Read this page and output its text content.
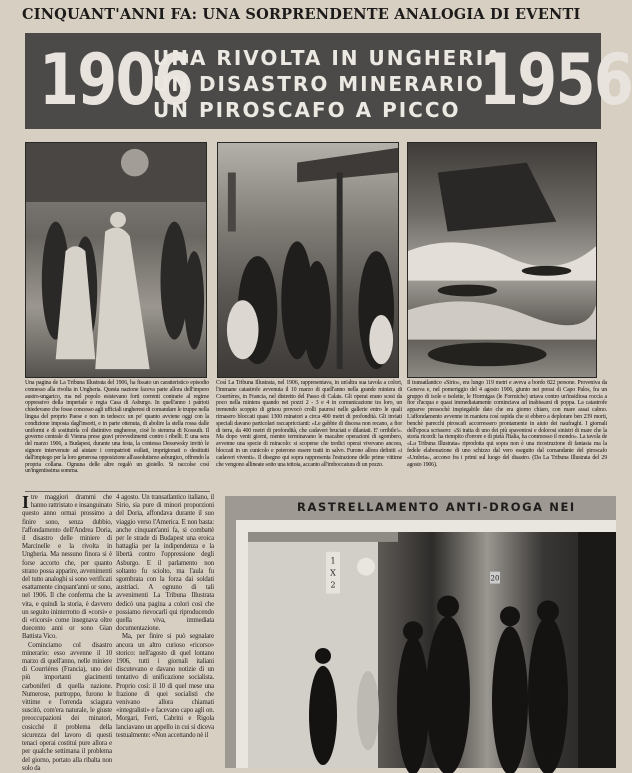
CINQUANT'ANNI FA: UNA SORPRENDENTE ANALOGIA DI EVENTI
1906
UNA RIVOLTA IN UNGHERIA
UN DISASTRO MINERARIO
UN PIROSCAFO A PICCO 1956
Una pagina de La Tribuna Illustrata del 1906, ha fissato un caratteristico episodio connesso alla rivolta in Ungheria. Questa nazione faceva parte allora dell'impero austro-ungarico, ma nel popolo esistevano forti correnti contrarie al regime oppressivo della imperiale e regia Casa di Asburgo. In quell'anno i patrioti chiedevano che fosse concesso agli ufficiali ungheresi di comandare le truppe nella lingua del proprio Paese e non in tedesco: un po' quanto avviene oggi con la condizione imposta dagl'insorti, e in parte ottenuta, di abolire la stella rossa dalle uniformi e di sostituirla col distintivo ungherese, cioè lo stemma di Kossuth. Il governo centrale di Vienna prese gravi provvedimenti contro i ribelli. E una sera del marzo 1906, a Budapest, durante una festa, la contessa Dessewsky invitò le signore intervenute ad aiutare i compatrioti esiliati, imprigionati o destituiti dall'impiego per la loro generosa opposizione all'assolutismo asburgico, offrendo la propria collana. Ognuna delle altre regalò un gioiello. Si raccolse così un'ingentissima somma.
Così La Tribuna Illustrata, nel 1906, rappresentava, in un'altra sua tavola a colori, l'immane catastrofe avvenuta il 10 marzo di quell'anno nella grande miniera di Courrières, in Francia, nel distretto del Passo di Calais. Gli operai erano scesi da poco nella miniera quando nei pozzi 2 - 3 e 4 in comunicazione tra loro, un tremendo scoppio di grisou provocò crolli paurosi nelle gallerie entro le quali rimasero bloccati quasi 1300 minatori a circa 400 metri di profondità. Gli inviati speciali davano particolari raccapriccianti: «Le gabbie di discesa non recano, a fior di terra, da 400 metri di profondità, che cadaveri bruciati e dilaniati. E' orribile!». Ma dopo venti giorni, mentre terminavano le macabre operazioni di sgombero, avvenne una specie di miracolo: si scoperse che tredici operai vivevano ancora, bloccati in un cunicolo e poterono essere tratti in salvo. Furono allora definiti «i cadaveri viventi». Il disegno qui sopra rappresenta l'estrazione delle prime vittime che vengono allineate sotto una tettoia, accanto all'imboccatura di un pozzo.
Il transatlantico «Sirio», era lungo 119 metri e aveva a bordo 822 persone. Proveniva da Genova e, nel pomeriggio del 4 agosto 1906, giunto nei pressi di Capo Palos, fra un gruppo di isole e isolette, le Hormigas (le Formiche) urtava contro un'insidiosa roccia a fior d'acqua e quasi immediatamente cominciava ad inabissarsi di poppa. La catastrofe apparve pressochè inspiegabile dato che era giorno chiaro, con mare assai calmo. L'affondamento avvenne in maniera così rapida che si ebbero a deplorare ben 239 morti, benchè parecchi piroscafi accorressero prontamente in aiuto dei naufraghi. I giornali dell'epoca scrissero: «Si tratta di uno dei più spaventosi e dolorosi sinistri di mare che la storia ricordi: ha riempito d'orrore e di pietà l'Italia, ha commosso il mondo». La tavola de «La Tribuna Illustrata» riprodotta qui sopra non è una ricostruzione di fantasia ma la fedele elaborazione di uno schizzo dal vero eseguito dal comandante del piroscafo «Umbria», accorso fra i primi sul luogo del disastro. (Da La Tribuna Illustrata del 29 agosto 1906).
I tre maggiori drammi che hanno rattristato e insanguinato questo anno ormai prossimo a finire sono, senza dubbio, l'affondamento dell'Andrea Doria, il disastro delle miniere di Marcinelle e la rivolta in Ungheria. Ma nessuno finora si è forse accorto che, per quanto strano possa apparire, avvenimenti del tutto analoghi si sono verificati esattamente cinquant'anni or sono, nel 1906. Il che conferma che la vita, e quindi la storia, è davvero un seguito ininterrotto di «corsi» e di «ricorsi» come insegnava oltre duecento anni or sono Gian Battista Vico.

Cominciamo col disastro minerario: esso avvenne il 10 marzo di quell'anno, nelle miniere di Courrières (Francia), uno dei più importanti giacimenti carboniferi di quella nazione. Numerose, purtroppo, furono le vittime e l'orrenda sciagura suscitò, com'era naturale, le giuste preoccupazioni dei minatori, cosicchè il problema della sicurezza del lavoro di questi tenaci operai costituì pure allora e per qualche settimana il problema del giorno, portato alla ribalta non solo da

4 agosto. Un transatlantico italiano, il Sirio, sia pure di minori proporzioni del Doria, affondava durante il suo viaggio verso l'America. E non basta: anche cinquant'anni fa, si combattè per le strade di Budapest una eroica battaglia per la indipendenza e la libertà contro l'oppressione degli Asburgo. E il parlamento non soltanto fu sciolto, ma l'aula fu sgombrata con la forza dai soldati austriaci. A ognuno di tali avvenimenti La Tribuna Illustrata dedicò una pagina a colori così che possiamo rievocarli qui riproducendo quella viva, immediata documentazione.

Ma, per finire si può segnalare ancora un altro curioso «ricorso» storico: nell'agosto di quel lontano 1906, tutti i giornali italiani discutevano e davano notizie di un tentativo di unificazione socialista. Proprio così: il 10 di quel mese una frazione di quei socialisti che venivano allora chiamati «integralisti» e facevano capo agli on. Morgari, Ferri, Cabrini e Rigola lanciavano un appello in cui si diceva testualmente: «Non accettando nè il

RASTRELLAMENTO ANTI-DROGA NEI
1
X
2
20
